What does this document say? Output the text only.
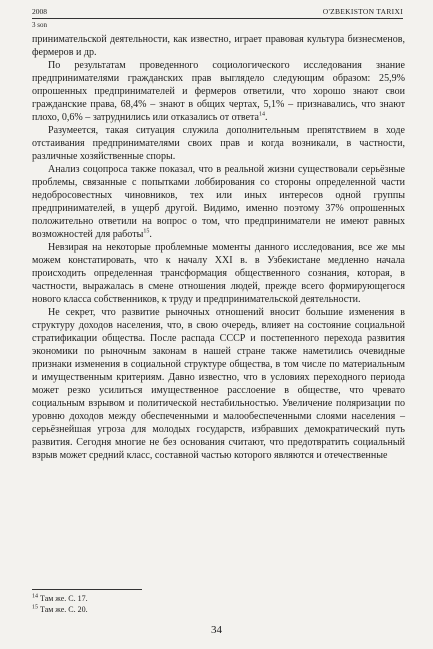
2008	O'ZBEKISTON TARIXI
3 son

принимательской деятельности, как известно, играет правовая культура бизнесменов, фермеров и др.

По результатам проведенного социологического исследования знание предпринимателями гражданских прав выглядело следующим образом: 25,9% опрошенных предпринимателей и фермеров ответили, что хорошо знают свои гражданские права, 68,4% – знают в общих чертах, 5,1% – признавались, что знают плохо, 0,6% – затруднились или отказались от ответа$^{14}$.

Разумеется, такая ситуация служила дополнительным препятствием в ходе отстаивания предпринимателями своих прав и когда возникали, в частности, различные хозяйственные споры.

Анализ соцопроса также показал, что в реальной жизни существовали серьёзные проблемы, связанные с попытками лоббирования со стороны определенной части недобросовестных чиновников, тех или иных интересов одной группы предпринимателей, в ущерб другой. Видимо, именно поэтому 37% опрошенных положительно ответили на вопрос о том, что предприниматели не имеют равных возможностей для работы$^{15}$.

Невзирая на некоторые проблемные моменты данного исследования, все же мы можем констатировать, что к началу XXI в. в Узбекистане медленно начала происходить определенная трансформация общественного сознания, которая, в частности, выражалась в смене отношения людей, прежде всего формирующегося нового класса собственников, к труду и предпринимательской деятельности.

Не секрет, что развитие рыночных отношений вносит большие изменения в структуру доходов населения, что, в свою очередь, влияет на состояние социальной стратификации общества. После распада СССР и постепенного перехода развития экономики по рыночным законам в нашей стране также наметились очевидные признаки изменения в социальной структуре общества, в том числе по материальным и имущественным критериям. Давно известно, что в условиях переходного периода может резко усилиться имущественное расслоение в обществе, что чревато социальным взрывом и политической нестабильностью. Увеличение поляризации по уровню доходов между обеспеченными и малообеспеченными слоями населения – серьёзнейшая угроза для молодых государств, избравших демократический путь развития. Сегодня многие не без основания считают, что предотвратить социальный взрыв может средний класс, составной частью которого являются и отечественные

$^{14}$ Там же. С. 17.
$^{15}$ Там же. С. 20.
34
